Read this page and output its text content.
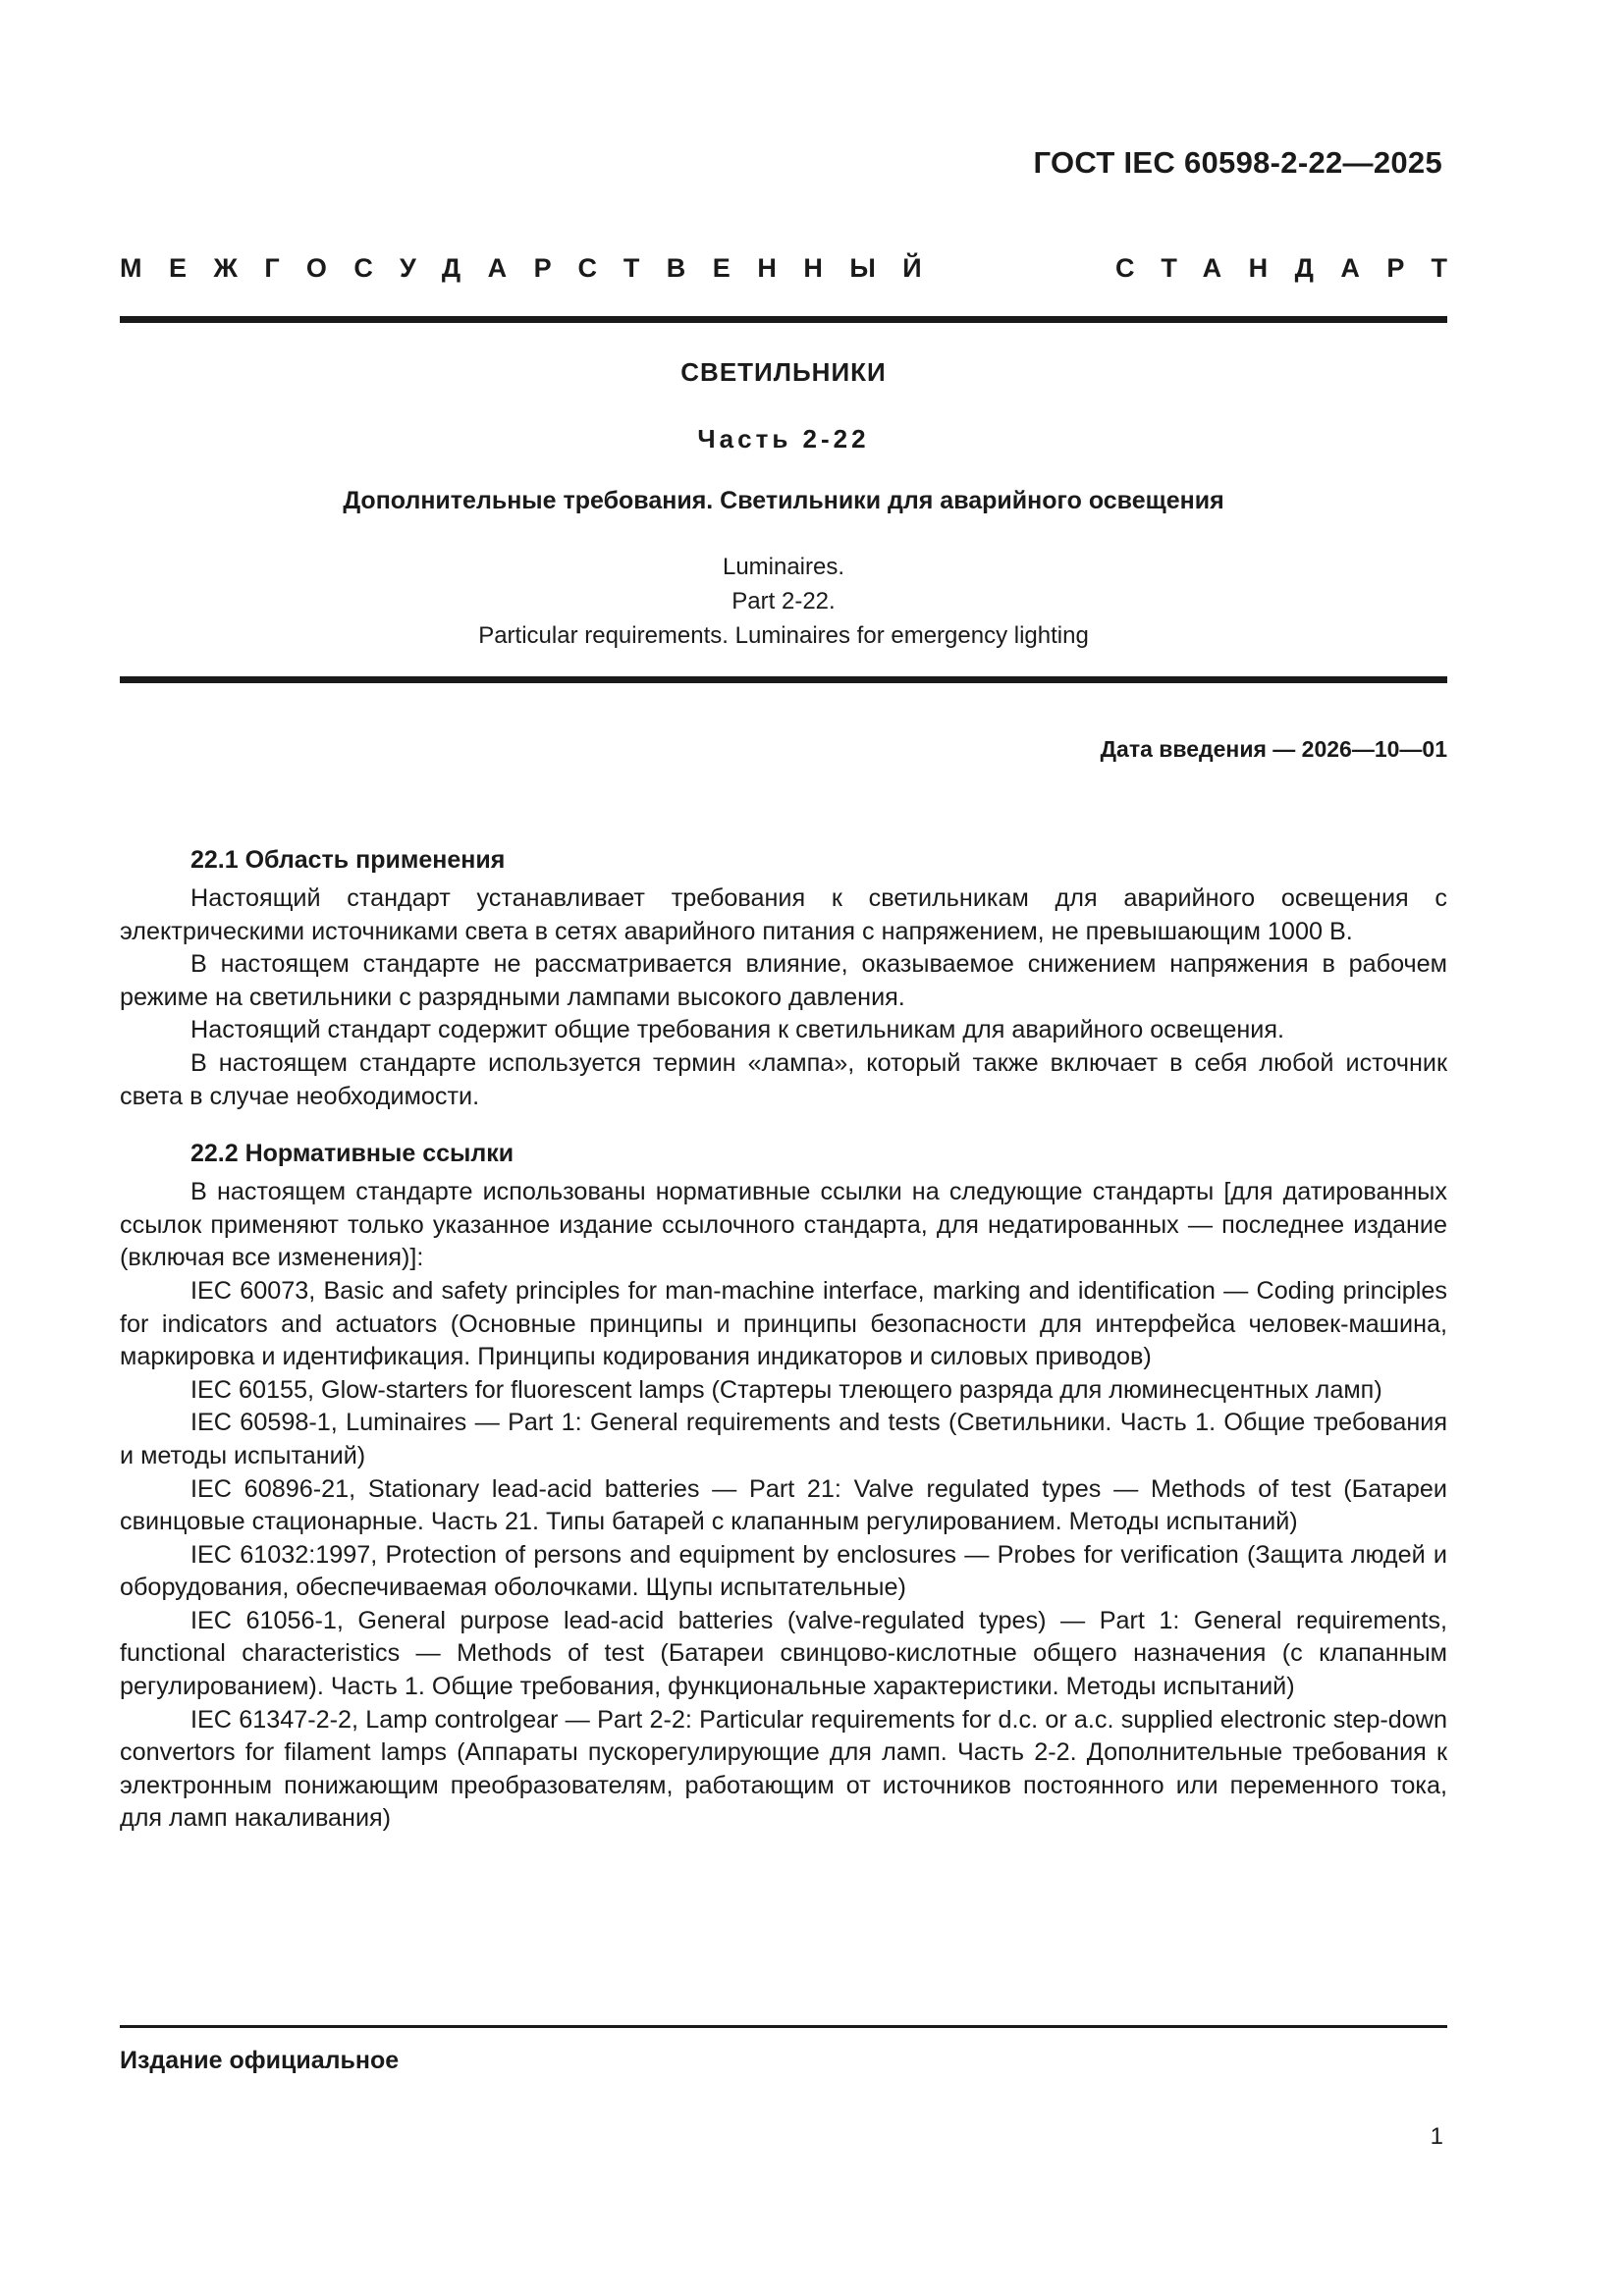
ГОСТ IEC 60598-2-22—2025
МЕЖГОСУДАРСТВЕННЫЙ	СТАНДАРТ
СВЕТИЛЬНИКИ
Часть 2-22
Дополнительные требования. Светильники для аварийного освещения
Luminaires.
Part 2-22.
Particular requirements. Luminaires for emergency lighting
Дата введения — 2026—10—01
22.1 Область применения

Настоящий стандарт устанавливает требования к светильникам для аварийного освещения с электрическими источниками света в сетях аварийного питания с напряжением, не превышающим 1000 В.

В настоящем стандарте не рассматривается влияние, оказываемое снижением напряжения в рабочем режиме на светильники с разрядными лампами высокого давления.

Настоящий стандарт содержит общие требования к светильникам для аварийного освещения.

В настоящем стандарте используется термин «лампа», который также включает в себя любой источник света в случае необходимости.

22.2 Нормативные ссылки

В настоящем стандарте использованы нормативные ссылки на следующие стандарты [для датированных ссылок применяют только указанное издание ссылочного стандарта, для недатированных — последнее издание (включая все изменения)]:

IEC 60073, Basic and safety principles for man-machine interface, marking and identification — Coding principles for indicators and actuators (Основные принципы и принципы безопасности для интерфейса человек-машина, маркировка и идентификация. Принципы кодирования индикаторов и силовых приводов)

IEC 60155, Glow-starters for fluorescent lamps (Стартеры тлеющего разряда для люминесцентных ламп)

IEC 60598-1, Luminaires — Part 1: General requirements and tests (Светильники. Часть 1. Общие требования и методы испытаний)

IEC 60896-21, Stationary lead-acid batteries — Part 21: Valve regulated types — Methods of test (Батареи свинцовые стационарные. Часть 21. Типы батарей с клапанным регулированием. Методы испытаний)

IEC 61032:1997, Protection of persons and equipment by enclosures — Probes for verification (Защита людей и оборудования, обеспечиваемая оболочками. Щупы испытательные)

IEC 61056-1, General purpose lead-acid batteries (valve-regulated types) — Part 1: General requirements, functional characteristics — Methods of test (Батареи свинцово-кислотные общего назначения (с клапанным регулированием). Часть 1. Общие требования, функциональные характеристики. Методы испытаний)

IEC 61347-2-2, Lamp controlgear — Part 2-2: Particular requirements for d.c. or a.c. supplied electronic step-down convertors for filament lamps (Аппараты пускорегулирующие для ламп. Часть 2-2. Дополнительные требования к электронным понижающим преобразователям, работающим от источников постоянного или переменного тока, для ламп накаливания)

Издание официальное
1
